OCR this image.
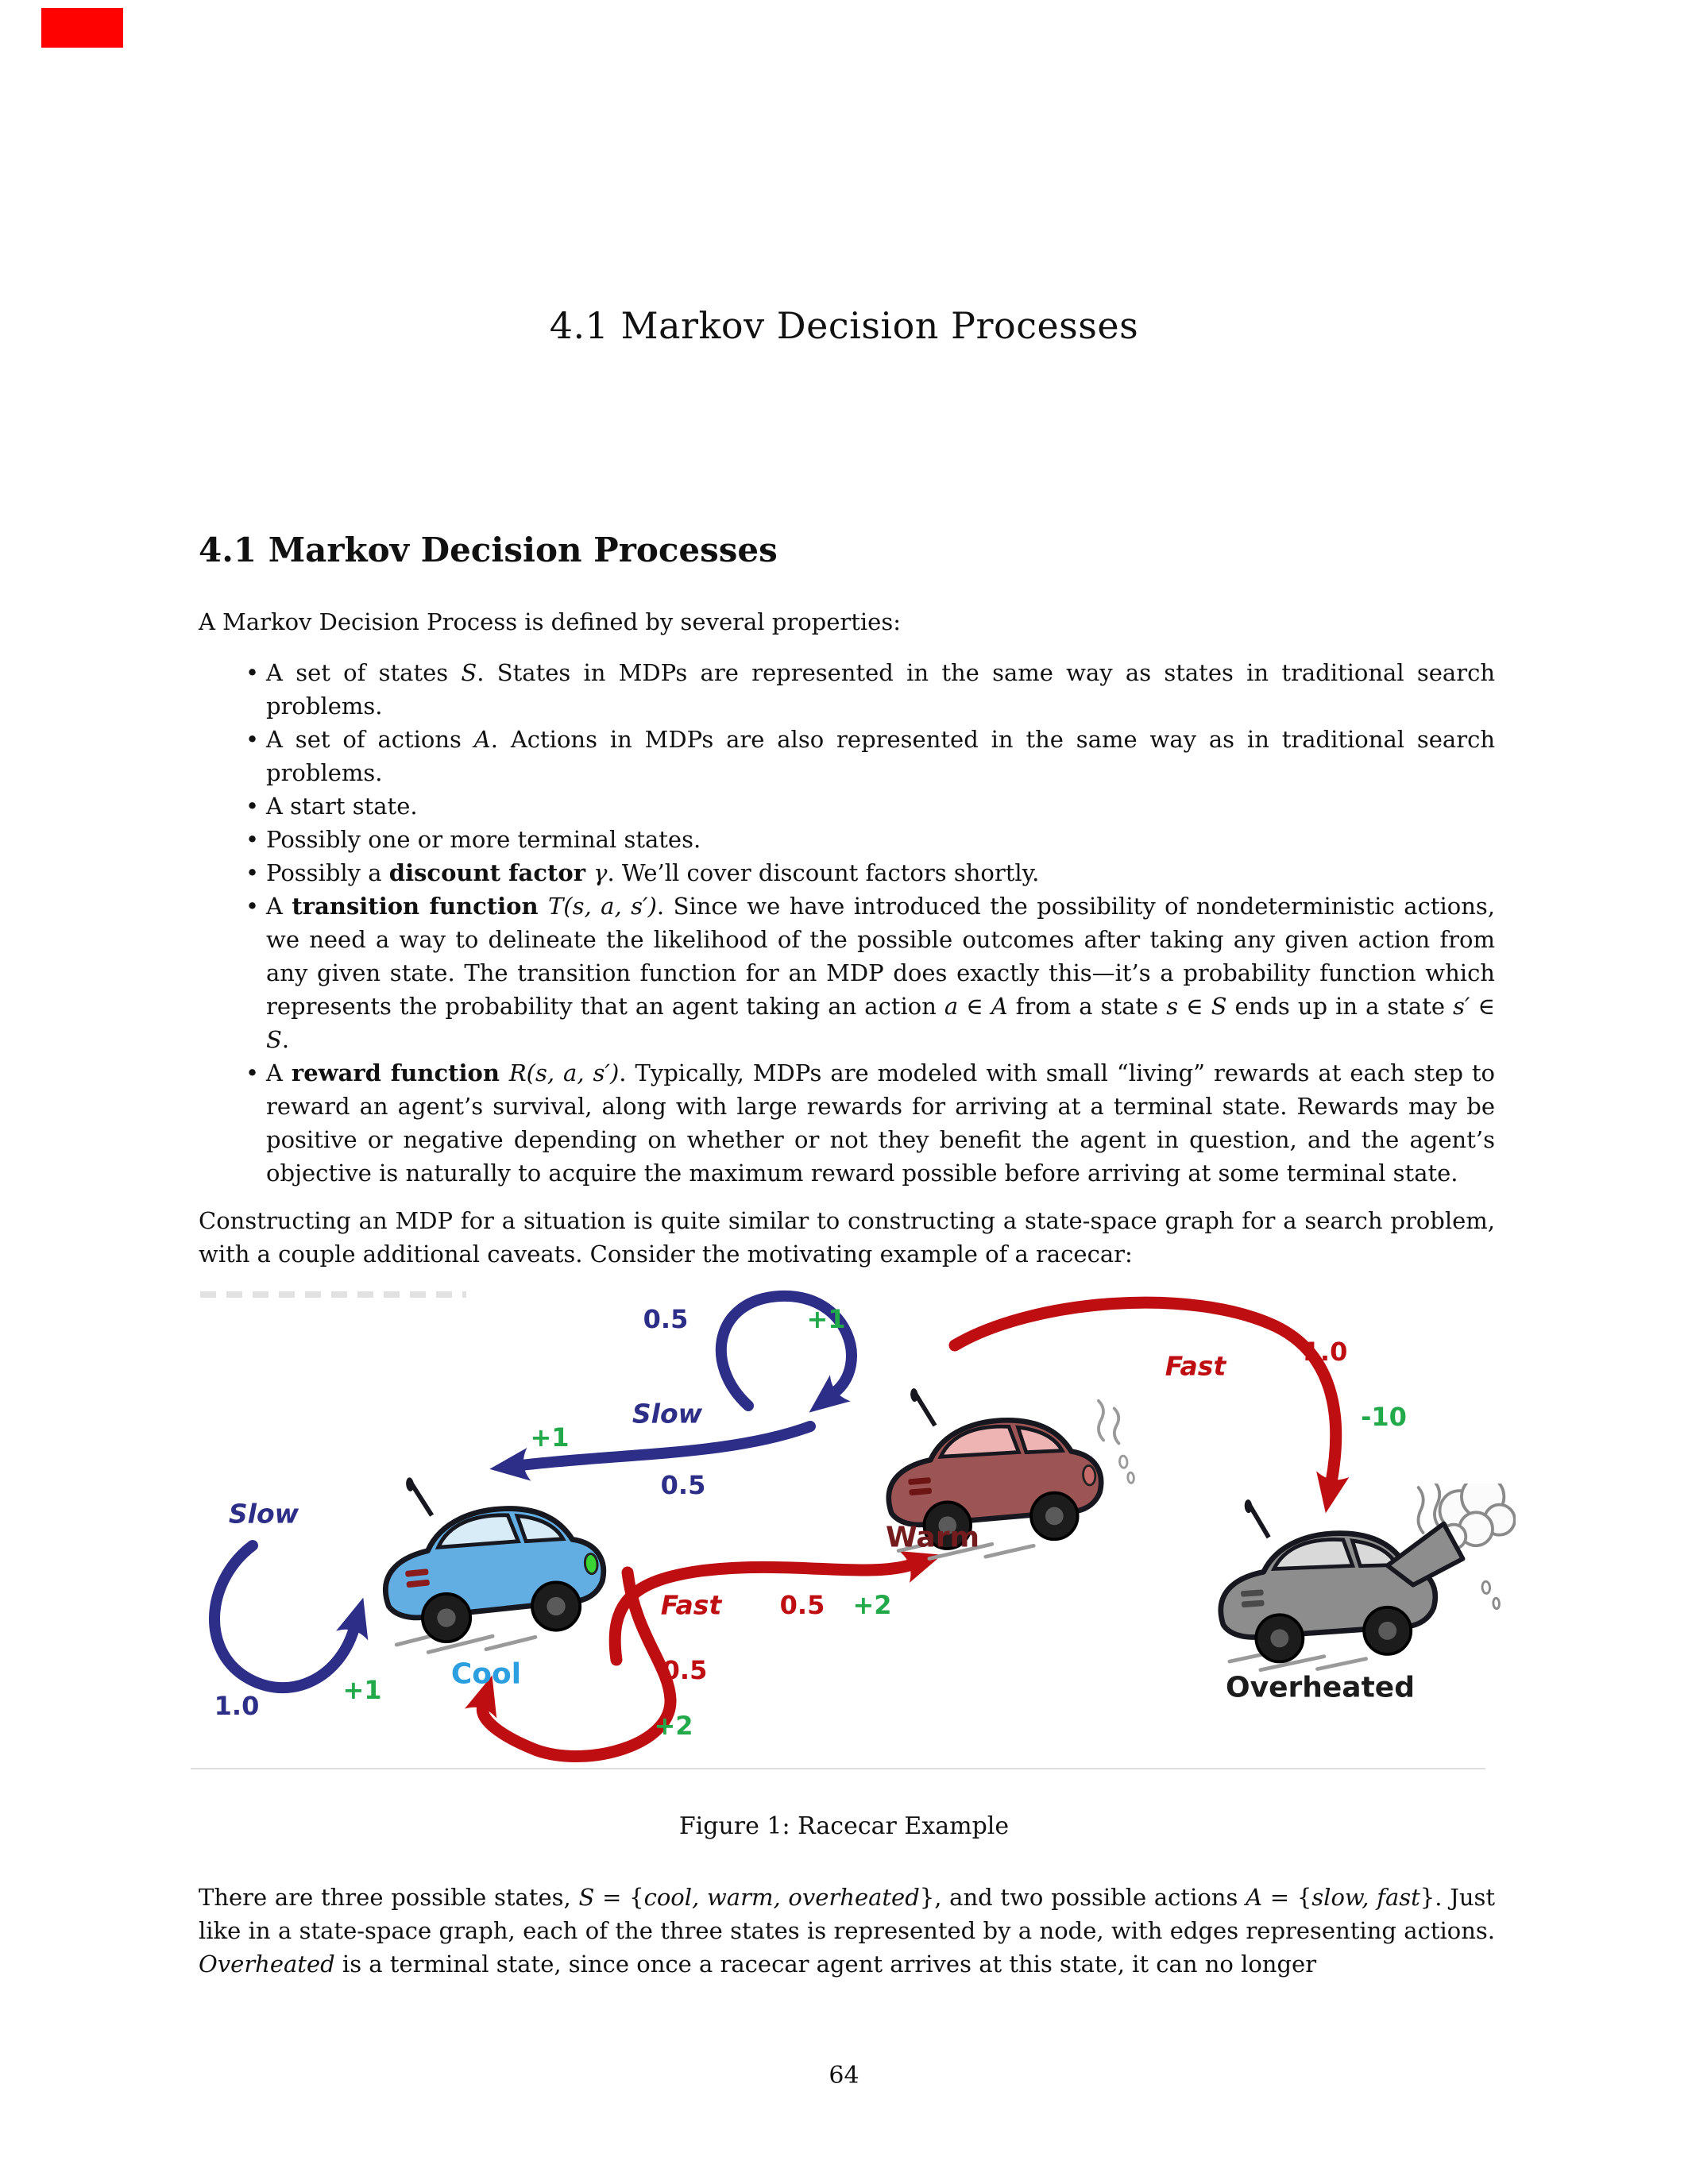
4.1 Markov Decision Processes
4.1 Markov Decision Processes

A Markov Decision Process is defined by several properties:

• A set of states S. States in MDPs are represented in the same way as states in traditional search problems.
• A set of actions A. Actions in MDPs are also represented in the same way as in traditional search problems.
• A start state.
• Possibly one or more terminal states.
• Possibly a discount factor γ. We’ll cover discount factors shortly.
• A transition function T(s, a, s′). Since we have introduced the possibility of nondeterministic actions, we need a way to delineate the likelihood of the possible outcomes after taking any given action from any given state. The transition function for an MDP does exactly this—it’s a probability function which represents the probability that an agent taking an action a ∈ A from a state s ∈ S ends up in a state s′ ∈ S.
• A reward function R(s, a, s′). Typically, MDPs are modeled with small “living” rewards at each step to reward an agent’s survival, along with large rewards for arriving at a terminal state. Rewards may be positive or negative depending on whether or not they benefit the agent in question, and the agent’s objective is naturally to acquire the maximum reward possible before arriving at some terminal state.

Constructing an MDP for a situation is quite similar to constructing a state-space graph for a search problem, with a couple additional caveats. Consider the motivating example of a racecar:

0.5	+1
Slow
+1
0.5
Warm
Fast	1.0
-10
Overheated
Cool
Slow
1.0
+1
Fast 0.5 +2
0.5
+2
Figure 1: Racecar Example

There are three possible states, S = {cool, warm, overheated}, and two possible actions A = {slow, fast}. Just like in a state-space graph, each of the three states is represented by a node, with edges representing actions. Overheated is a terminal state, since once a racecar agent arrives at this state, it can no longer

64
